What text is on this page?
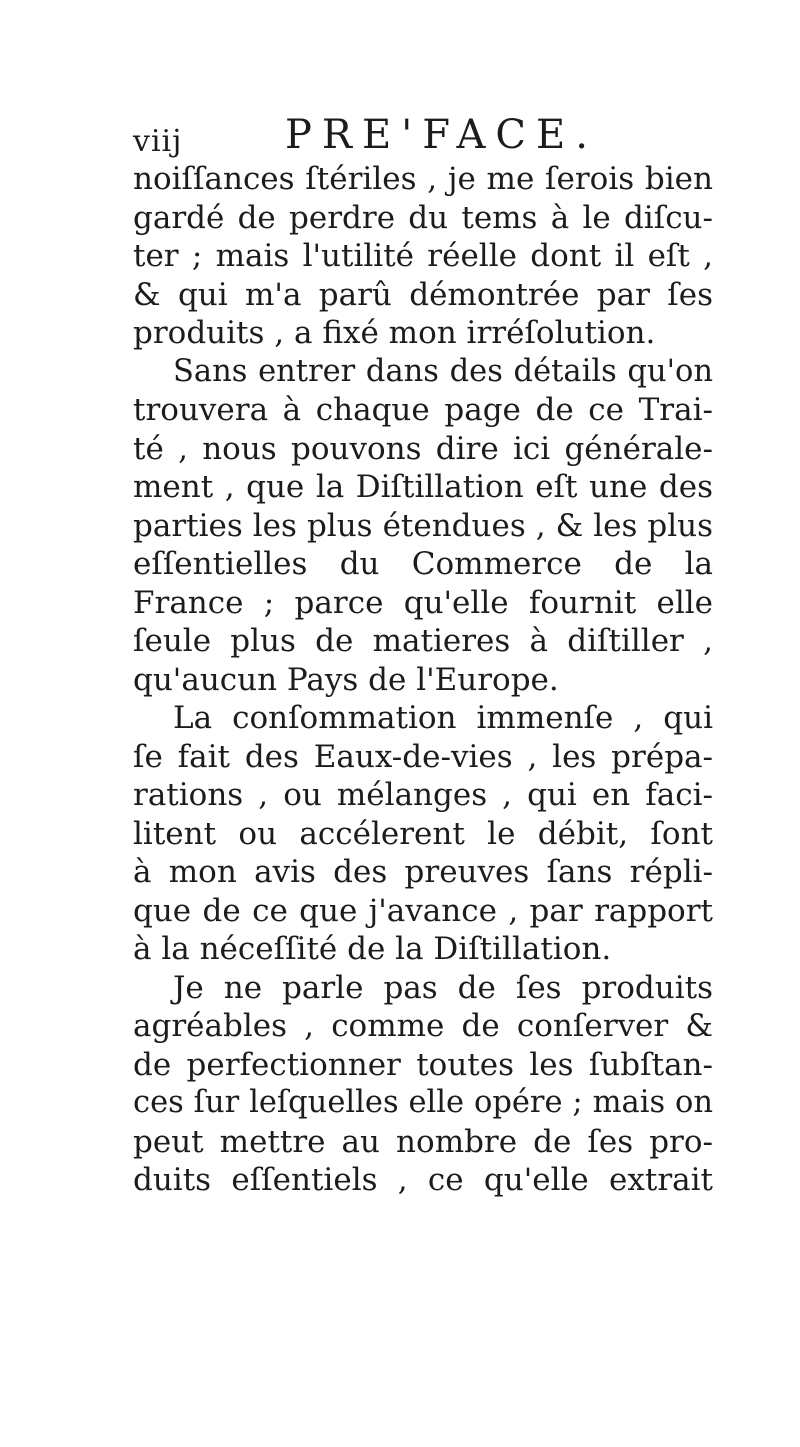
viij	PRE'FACE.
noiſſances ſtériles , je me ſerois bien
gardé de perdre du tems à le diſcu-
ter ; mais l'utilité réelle dont il eſt ,
& qui m'a parû démontrée par ſes
produits , a fixé mon irréſolution.
Sans entrer dans des détails qu'on
trouvera à chaque page de ce Trai-
té , nous pouvons dire ici générale-
ment , que la Diſtillation eſt une des
parties les plus étendues , & les plus
eſſentielles du Commerce de la
France ; parce qu'elle fournit elle
ſeule plus de matieres à diſtiller ,
qu'aucun Pays de l'Europe.
La conſommation immenſe , qui
ſe fait des Eaux-de-vies , les prépa-
rations , ou mélanges , qui en faci-
litent ou accélerent le débit, ſont
à mon avis des preuves ſans répli-
que de ce que j'avance , par rapport
à la néceſſité de la Diſtillation.
Je ne parle pas de ſes produits
agréables , comme de conſerver &
de perfectionner toutes les ſubſtan-
ces ſur leſquelles elle opére ; mais on
peut mettre au nombre de ſes pro-
duits eſſentiels , ce qu'elle extrait
